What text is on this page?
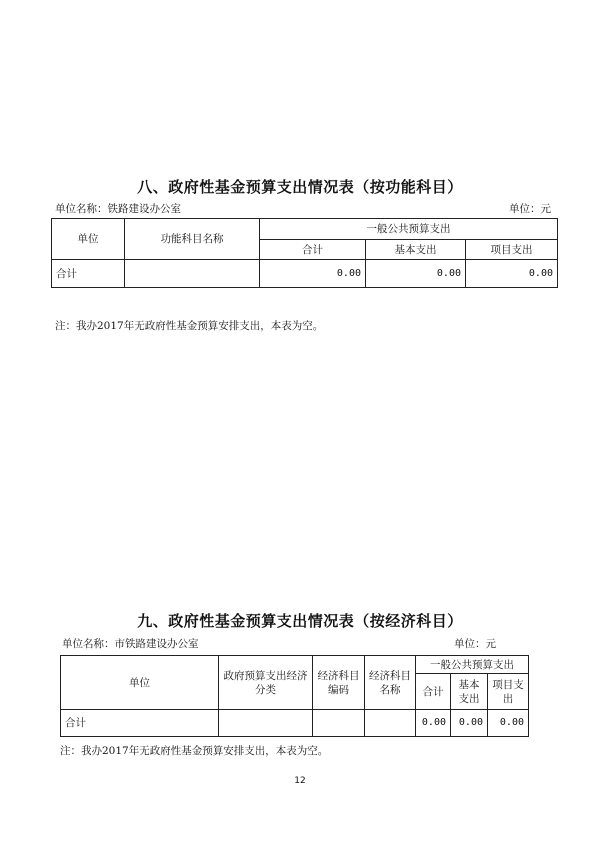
八、政府性基金预算支出情况表（按功能科目）
单位名称：铁路建设办公室	单位：元
单位	功能科目名称	一般公共预算支出		
		合计	基本支出	项目支出
合计		0.00	0.00	0.00
注：我办2017年无政府性基金预算安排支出，本表为空。
九、政府性基金预算支出情况表（按经济科目）
单位名称：市铁路建设办公室	单位：元
单位	政府预算支出经济分类	经济科目编码	经济科目名称	一般公共预算支出		
				合计	基本支出	项目支出
合计				0.00	0.00	0.00
注：我办2017年无政府性基金预算安排支出，本表为空。
12
